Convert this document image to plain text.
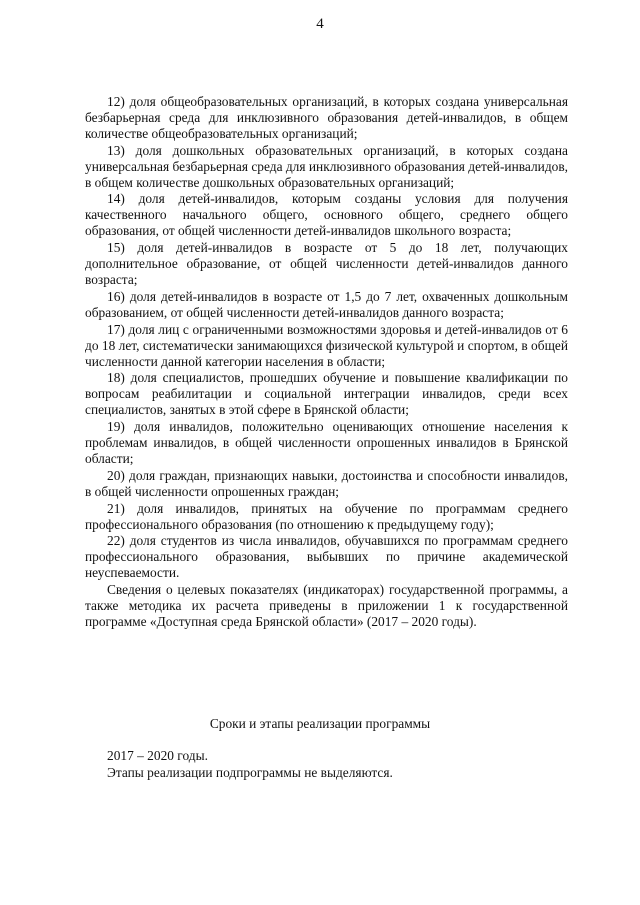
4

12) доля общеобразовательных организаций, в которых создана универсальная безбарьерная среда для инклюзивного образования детей-инвалидов, в общем количестве общеобразовательных организаций;

13) доля дошкольных образовательных организаций, в которых создана универсальная безбарьерная среда для инклюзивного образования детей-инвалидов, в общем количестве дошкольных образовательных организаций;

14) доля детей-инвалидов, которым созданы условия для получения качественного начального общего, основного общего, среднего общего образования, от общей численности детей-инвалидов школьного возраста;

15) доля детей-инвалидов в возрасте от 5 до 18 лет, получающих дополнительное образование, от общей численности детей-инвалидов данного возраста;

16) доля детей-инвалидов в возрасте от 1,5 до 7 лет, охваченных дошкольным образованием, от общей численности детей-инвалидов данного возраста;

17) доля лиц с ограниченными возможностями здоровья и детей-инвалидов от 6 до 18 лет, систематически занимающихся физической культурой и спортом, в общей численности данной категории населения в области;

18) доля специалистов, прошедших обучение и повышение квалификации по вопросам реабилитации и социальной интеграции инвалидов, среди всех специалистов, занятых в этой сфере в Брянской области;

19) доля инвалидов, положительно оценивающих отношение населения к проблемам инвалидов, в общей численности опрошенных инвалидов в Брянской области;

20) доля граждан, признающих навыки, достоинства и способности инвалидов, в общей численности опрошенных граждан;

21) доля инвалидов, принятых на обучение по программам среднего профессионального образования (по отношению к предыдущему году);

22) доля студентов из числа инвалидов, обучавшихся по программам среднего профессионального образования, выбывших по причине академической неуспеваемости.

Сведения о целевых показателях (индикаторах) государственной программы, а также методика их расчета приведены в приложении 1 к государственной программе «Доступная среда Брянской области» (2017 – 2020 годы).

Сроки и этапы реализации программы

2017 – 2020 годы.

Этапы реализации подпрограммы не выделяются.
